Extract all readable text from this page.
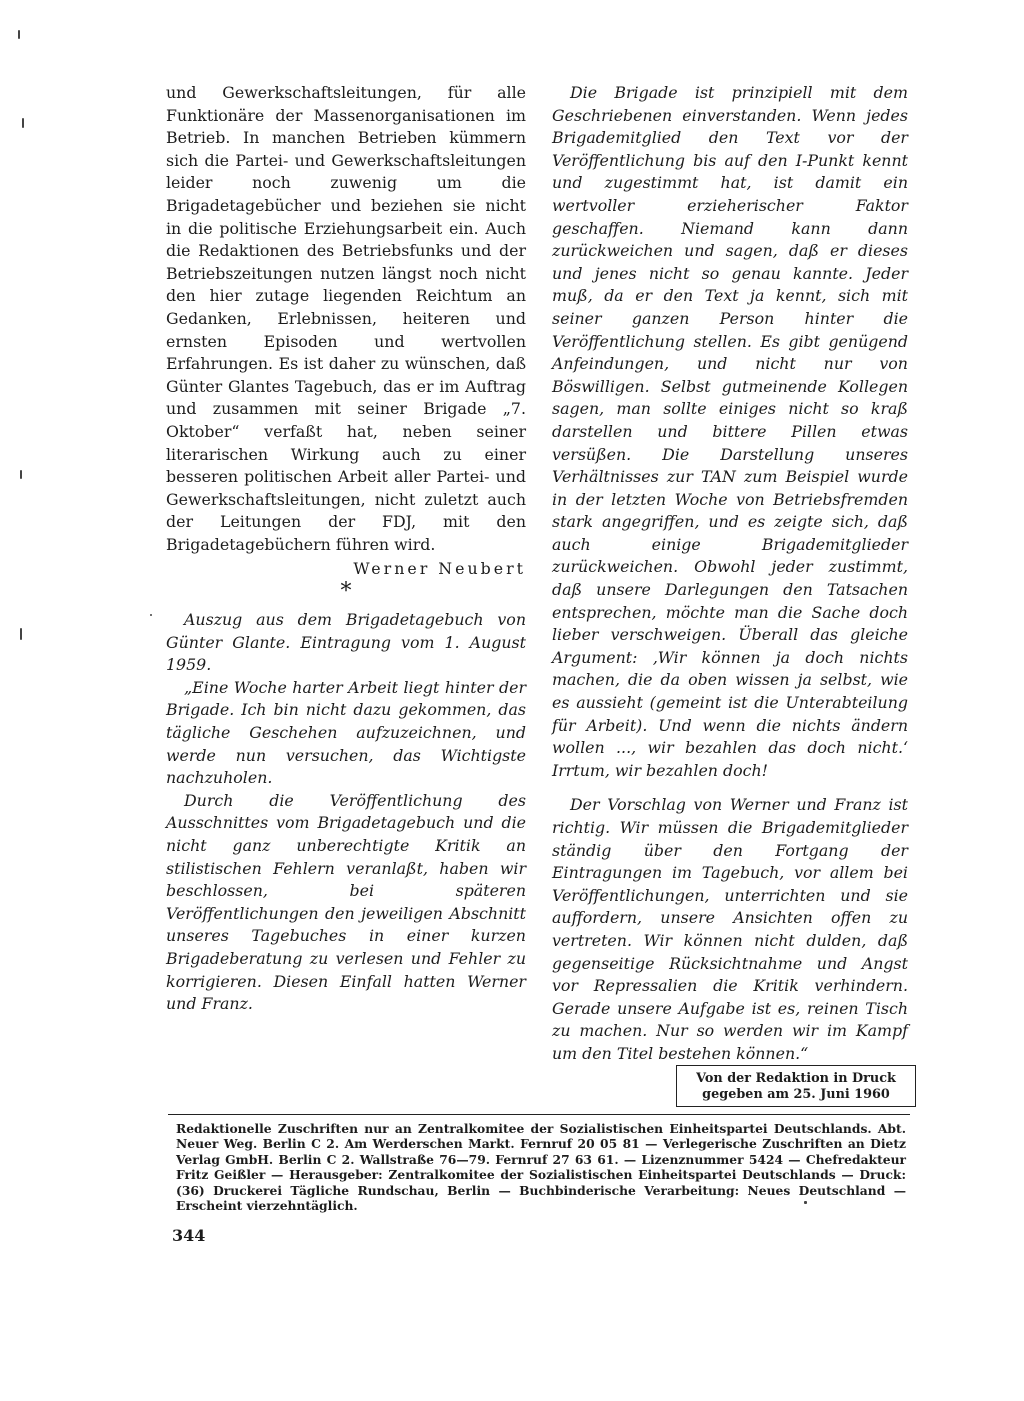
und Gewerkschaftsleitungen, für alle Funktionäre der Massenorganisationen im Betrieb. In manchen Betrieben kümmern sich die Partei- und Gewerkschaftsleitungen leider noch zuwenig um die Brigadetagebücher und beziehen sie nicht in die politische Erziehungsarbeit ein. Auch die Redaktionen des Betriebsfunks und der Betriebszeitungen nutzen längst noch nicht den hier zutage liegenden Reichtum an Gedanken, Erlebnissen, heiteren und ernsten Episoden und wertvollen Erfahrungen. Es ist daher zu wünschen, daß Günter Glantes Tagebuch, das er im Auftrag und zusammen mit seiner Brigade „7. Oktober“ verfaßt hat, neben seiner literarischen Wirkung auch zu einer besseren politischen Arbeit aller Partei- und Gewerkschaftsleitungen, nicht zuletzt auch der Leitungen der FDJ, mit den Brigadetagebüchern führen wird.

Werner Neubert
*

Auszug aus dem Brigadetagebuch von Günter Glante. Eintragung vom 1. August 1959.

„Eine Woche harter Arbeit liegt hinter der Brigade. Ich bin nicht dazu gekommen, das tägliche Geschehen aufzuzeichnen, und werde nun versuchen, das Wichtigste nachzuholen.

Durch die Veröffentlichung des Ausschnittes vom Brigadetagebuch und die nicht ganz unberechtigte Kritik an stilistischen Fehlern veranlaßt, haben wir beschlossen, bei späteren Veröffentlichungen den jeweiligen Abschnitt unseres Tagebuches in einer kurzen Brigadeberatung zu verlesen und Fehler zu korrigieren. Diesen Einfall hatten Werner und Franz.

Die Brigade ist prinzipiell mit dem Geschriebenen einverstanden. Wenn jedes Brigademitglied den Text vor der Veröffentlichung bis auf den I-Punkt kennt und zugestimmt hat, ist damit ein wertvoller erzieherischer Faktor geschaffen. Niemand kann dann zurückweichen und sagen, daß er dieses und jenes nicht so genau kannte. Jeder muß, da er den Text ja kennt, sich mit seiner ganzen Person hinter die Veröffentlichung stellen. Es gibt genügend Anfeindungen, und nicht nur von Böswilligen. Selbst gutmeinende Kollegen sagen, man sollte einiges nicht so kraß darstellen und bittere Pillen etwas versüßen. Die Darstellung unseres Verhältnisses zur TAN zum Beispiel wurde in der letzten Woche von Betriebsfremden stark angegriffen, und es zeigte sich, daß auch einige Brigademitglieder zurückweichen. Obwohl jeder zustimmt, daß unsere Darlegungen den Tatsachen entsprechen, möchte man die Sache doch lieber verschweigen. Überall das gleiche Argument: ‚Wir können ja doch nichts machen, die da oben wissen ja selbst, wie es aussieht (gemeint ist die Unterabteilung für Arbeit). Und wenn die nichts ändern wollen ..., wir bezahlen das doch nicht.‘ Irrtum, wir bezahlen doch!

Der Vorschlag von Werner und Franz ist richtig. Wir müssen die Brigademitglieder ständig über den Fortgang der Eintragungen im Tagebuch, vor allem bei Veröffentlichungen, unterrichten und sie auffordern, unsere Ansichten offen zu vertreten. Wir können nicht dulden, daß gegenseitige Rücksichtnahme und Angst vor Repressalien die Kritik verhindern. Gerade unsere Aufgabe ist es, reinen Tisch zu machen. Nur so werden wir im Kampf um den Titel bestehen können.“

Von der Redaktion in Druck
gegeben am 25. Juni 1960
Redaktionelle Zuschriften nur an Zentralkomitee der Sozialistischen Einheitspartei Deutschlands. Abt. Neuer Weg. Berlin C 2. Am Werderschen Markt. Fernruf 20 05 81 — Verlegerische Zuschriften an Dietz Verlag GmbH. Berlin C 2. Wallstraße 76—79. Fernruf 27 63 61. — Lizenznummer 5424 — Chefredakteur Fritz Geißler — Herausgeber: Zentralkomitee der Sozialistischen Einheitspartei Deutschlands — Druck: (36) Druckerei Tägliche Rundschau, Berlin — Buchbinderische Verarbeitung: Neues Deutschland — Erscheint vierzehntäglich.
344
